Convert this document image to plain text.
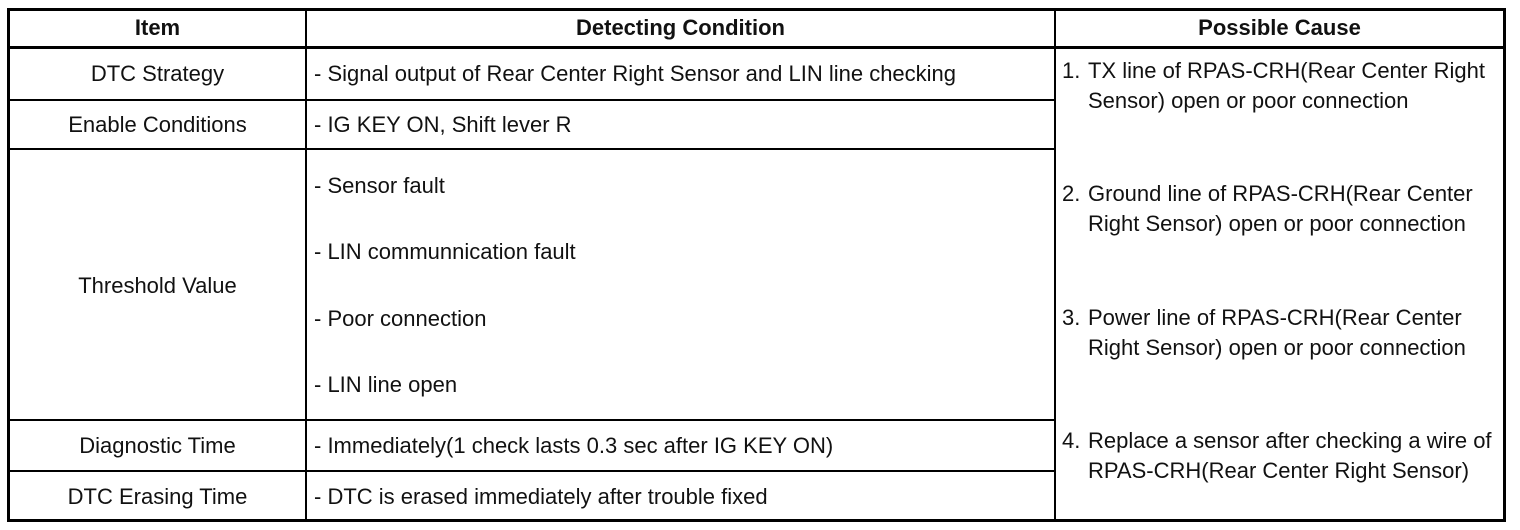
Item	Detecting Condition	Possible Cause
DTC Strategy
Enable Conditions
Threshold Value
Diagnostic Time
DTC Erasing Time
- Signal output of Rear Center Right Sensor and LIN line checking
- IG KEY ON, Shift lever R
- Sensor fault
- LIN communnication fault
- Poor connection
- LIN line open
- Immediately(1 check lasts 0.3 sec after IG KEY ON)
- DTC is erased immediately after trouble fixed
1. TX line of RPAS-CRH(Rear Center Right Sensor) open or poor connection
2. Ground line of RPAS-CRH(Rear Center Right Sensor) open or poor connection
3. Power line of RPAS-CRH(Rear Center Right Sensor) open or poor connection
4. Replace a sensor after checking a wire of RPAS-CRH(Rear Center Right Sensor)
